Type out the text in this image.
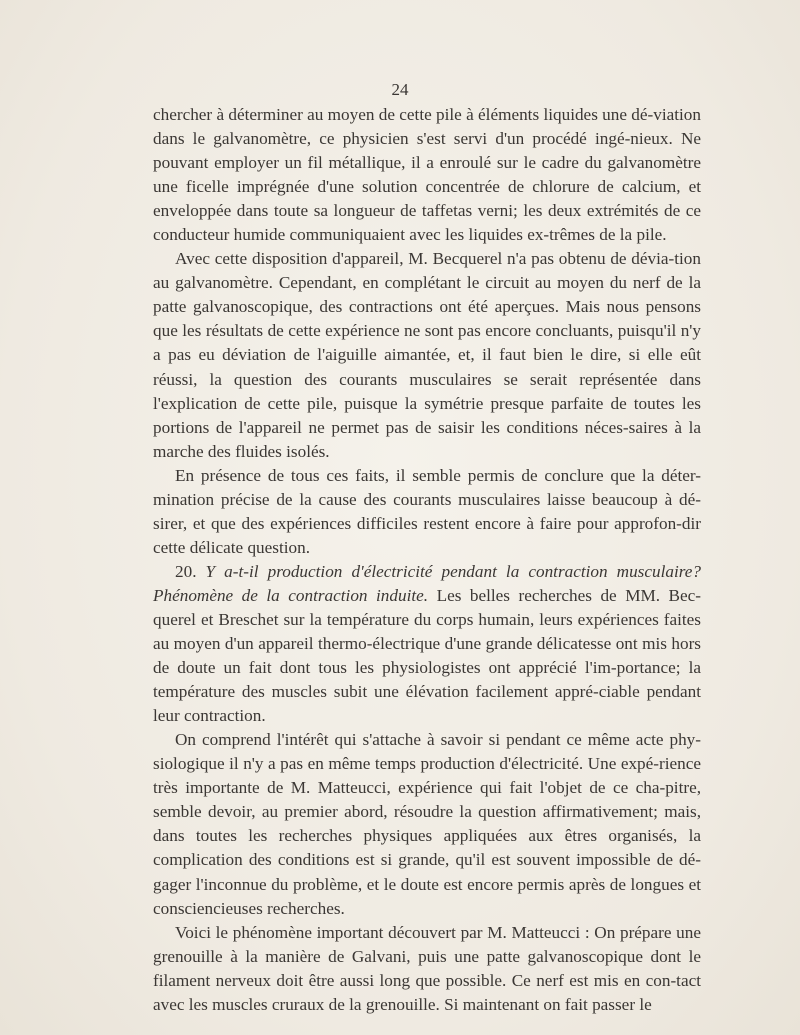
24

chercher à déterminer au moyen de cette pile à éléments liquides une dé-viation dans le galvanomètre, ce physicien s'est servi d'un procédé ingé-nieux. Ne pouvant employer un fil métallique, il a enroulé sur le cadre du galvanomètre une ficelle imprégnée d'une solution concentrée de chlorure de calcium, et enveloppée dans toute sa longueur de taffetas verni; les deux extrémités de ce conducteur humide communiquaient avec les liquides ex-trêmes de la pile.

Avec cette disposition d'appareil, M. Becquerel n'a pas obtenu de dévia-tion au galvanomètre. Cependant, en complétant le circuit au moyen du nerf de la patte galvanoscopique, des contractions ont été aperçues. Mais nous pensons que les résultats de cette expérience ne sont pas encore concluants, puisqu'il n'y a pas eu déviation de l'aiguille aimantée, et, il faut bien le dire, si elle eût réussi, la question des courants musculaires se serait représentée dans l'explication de cette pile, puisque la symétrie presque parfaite de toutes les portions de l'appareil ne permet pas de saisir les conditions néces-saires à la marche des fluides isolés.

En présence de tous ces faits, il semble permis de conclure que la déter-mination précise de la cause des courants musculaires laisse beaucoup à dé-sirer, et que des expériences difficiles restent encore à faire pour approfon-dir cette délicate question.

20. Y a-t-il production d'électricité pendant la contraction musculaire? Phénomène de la contraction induite. Les belles recherches de MM. Bec-querel et Breschet sur la température du corps humain, leurs expériences faites au moyen d'un appareil thermo-électrique d'une grande délicatesse ont mis hors de doute un fait dont tous les physiologistes ont apprécié l'im-portance; la température des muscles subit une élévation facilement appré-ciable pendant leur contraction.

On comprend l'intérêt qui s'attache à savoir si pendant ce même acte phy-siologique il n'y a pas en même temps production d'électricité. Une expé-rience très importante de M. Matteucci, expérience qui fait l'objet de ce cha-pitre, semble devoir, au premier abord, résoudre la question affirmativement; mais, dans toutes les recherches physiques appliquées aux êtres organisés, la complication des conditions est si grande, qu'il est souvent impossible de dé-gager l'inconnue du problème, et le doute est encore permis après de longues et consciencieuses recherches.

Voici le phénomène important découvert par M. Matteucci : On prépare une grenouille à la manière de Galvani, puis une patte galvanoscopique dont le filament nerveux doit être aussi long que possible. Ce nerf est mis en con-tact avec les muscles cruraux de la grenouille. Si maintenant on fait passer le
